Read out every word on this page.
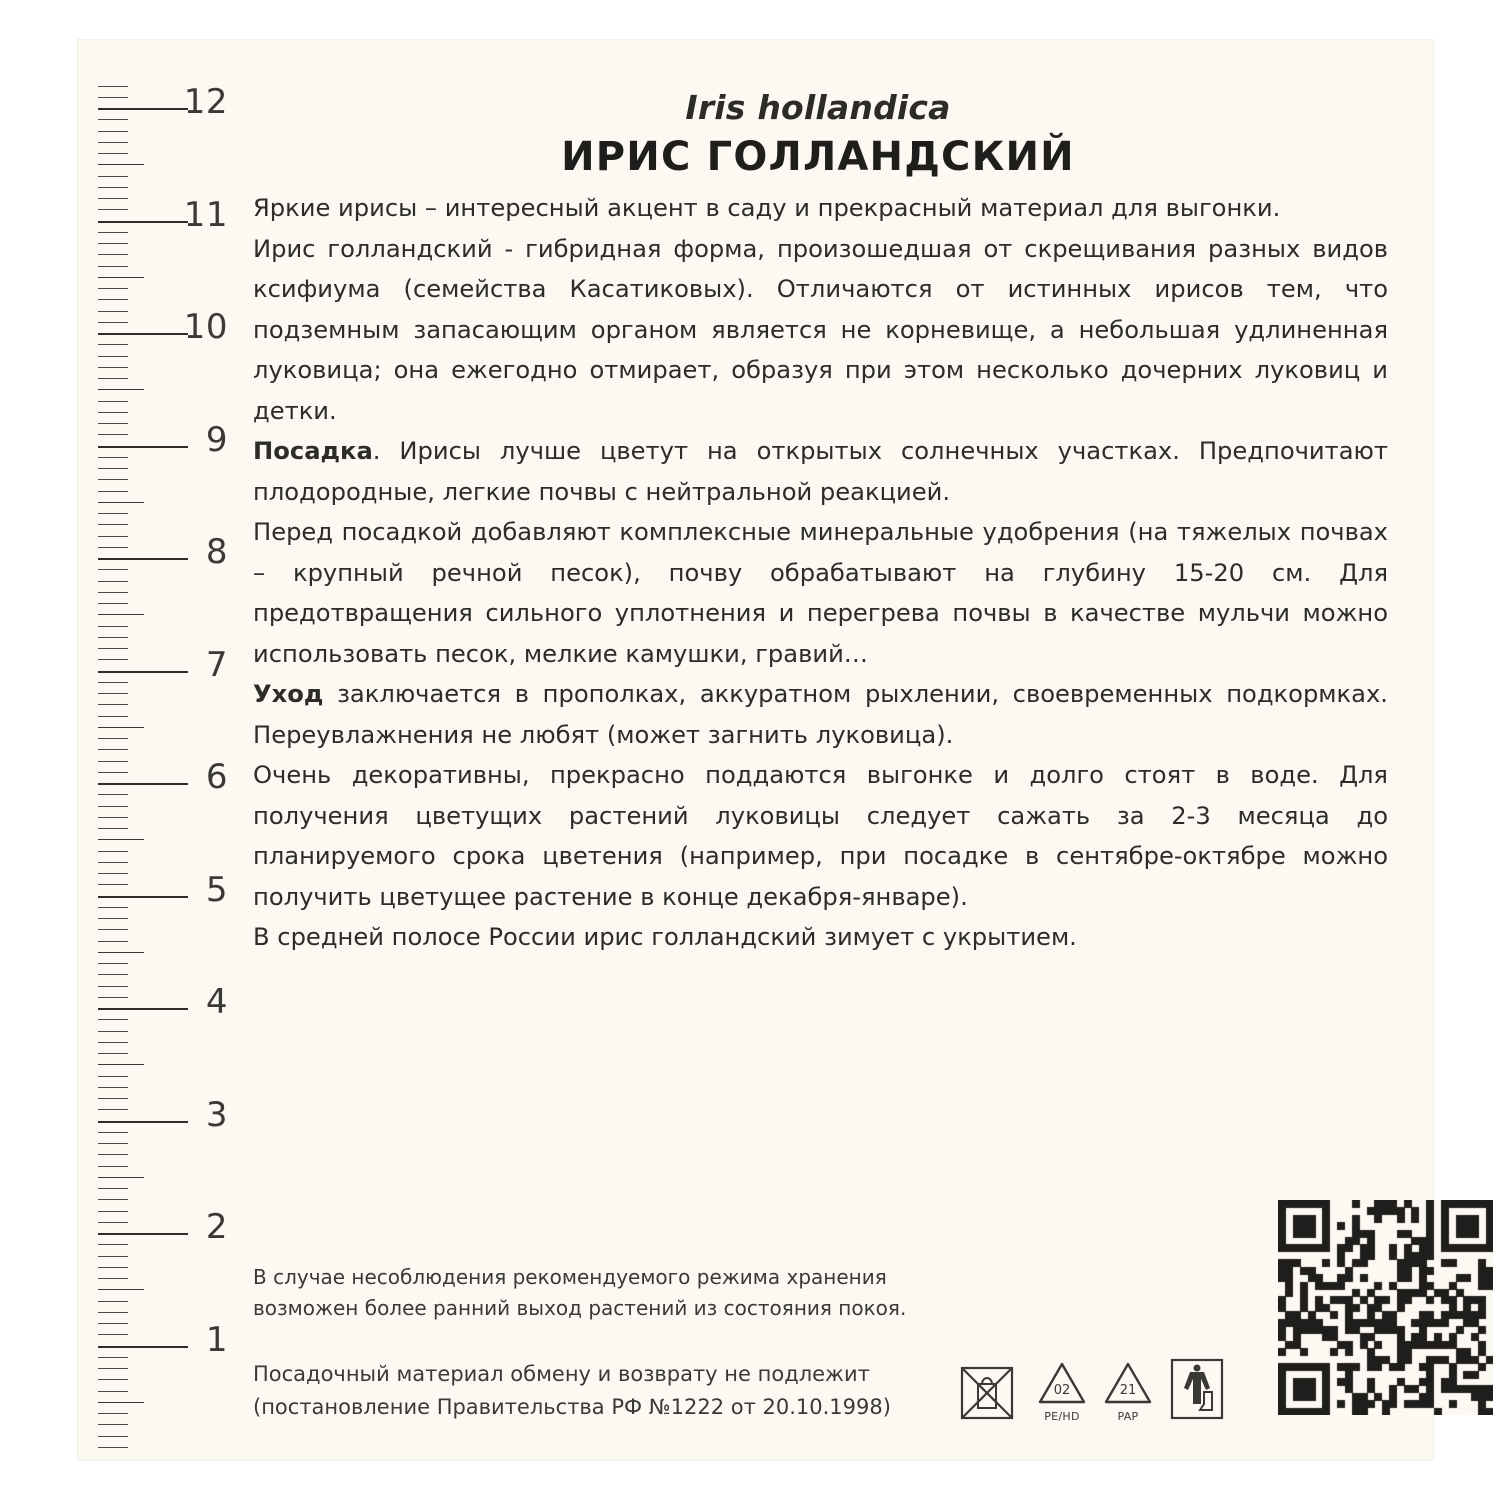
12
11
10
9
8
7
6
5
4
3
2
1
Iris hollandica
ИРИС ГОЛЛАНДСКИЙ

Яркие ирисы – интересный акцент в саду и прекрасный материал для выгонки.

Ирис голландский - гибридная форма, произошедшая от скрещивания разных видов ксифиума (семейства Касатиковых). Отличаются от истинных ирисов тем, что подземным запасающим органом является не корневище, а небольшая удлиненная луковица; она ежегодно отмирает, образуя при этом несколько дочерних луковиц и детки.

Посадка. Ирисы лучше цветут на открытых солнечных участках. Предпочитают плодородные, легкие почвы с нейтральной реакцией.

Перед посадкой добавляют комплексные минеральные удобрения (на тяжелых почвах – крупный речной песок), почву обрабатывают на глубину 15-20 см. Для предотвращения сильного уплотнения и перегрева почвы в качестве мульчи можно использовать песок, мелкие камушки, гравий…

Уход заключается в прополках, аккуратном рыхлении, своевременных подкормках. Переувлажнения не любят (может загнить луковица).

Очень декоративны, прекрасно поддаются выгонке и долго стоят в воде. Для получения цветущих растений луковицы следует сажать за 2-3 месяца до планируемого срока цветения (например, при посадке в сентябре-октябре можно получить цветущее растение в конце декабря-январе).

В средней полосе России ирис голландский зимует с укрытием.

В случае несоблюдения рекомендуемого режима хранения возможен более ранний выход растений из состояния покоя.
Посадочный материал обмену и возврату не подлежит
(постановление Правительства РФ №1222 от 20.10.1998)
02
PE/HD
21
PAP
